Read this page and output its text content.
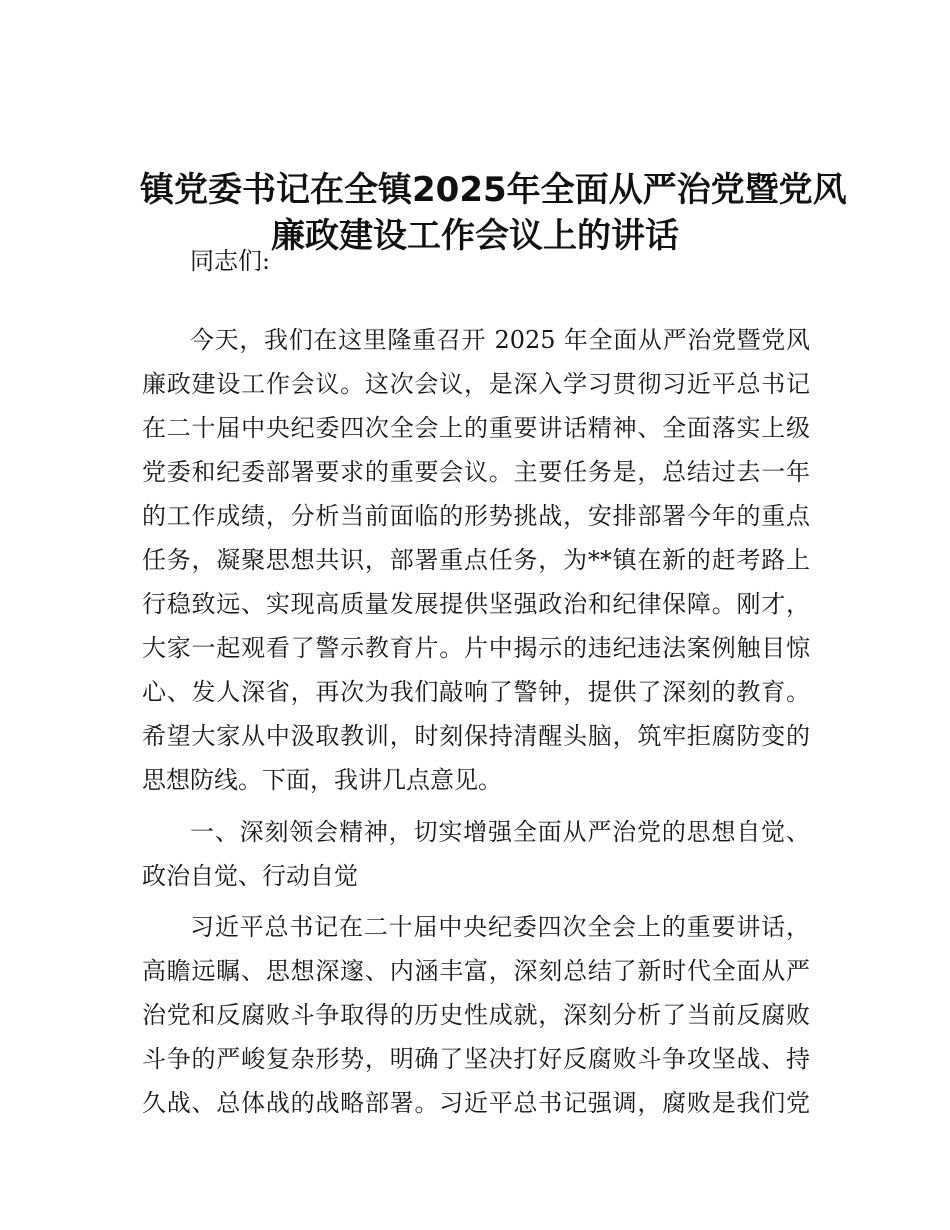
镇党委书记在全镇2025年全面从严治党暨党风
廉政建设工作会议上的讲话
同志们:
今天，我们在这里隆重召开 2025 年全面从严治党暨党风
廉政建设工作会议。这次会议，是深入学习贯彻习近平总书记
在二十届中央纪委四次全会上的重要讲话精神、全面落实上级
党委和纪委部署要求的重要会议。主要任务是，总结过去一年
的工作成绩，分析当前面临的形势挑战，安排部署今年的重点
任务，凝聚思想共识，部署重点任务，为**镇在新的赶考路上
行稳致远、实现高质量发展提供坚强政治和纪律保障。刚才，
大家一起观看了警示教育片。片中揭示的违纪违法案例触目惊
心、发人深省，再次为我们敲响了警钟，提供了深刻的教育。
希望大家从中汲取教训，时刻保持清醒头脑，筑牢拒腐防变的
思想防线。下面，我讲几点意见。
一、深刻领会精神，切实增强全面从严治党的思想自觉、
政治自觉、行动自觉
习近平总书记在二十届中央纪委四次全会上的重要讲话，
高瞻远瞩、思想深邃、内涵丰富，深刻总结了新时代全面从严
治党和反腐败斗争取得的历史性成就，深刻分析了当前反腐败
斗争的严峻复杂形势，明确了坚决打好反腐败斗争攻坚战、持
久战、总体战的战略部署。习近平总书记强调，腐败是我们党
